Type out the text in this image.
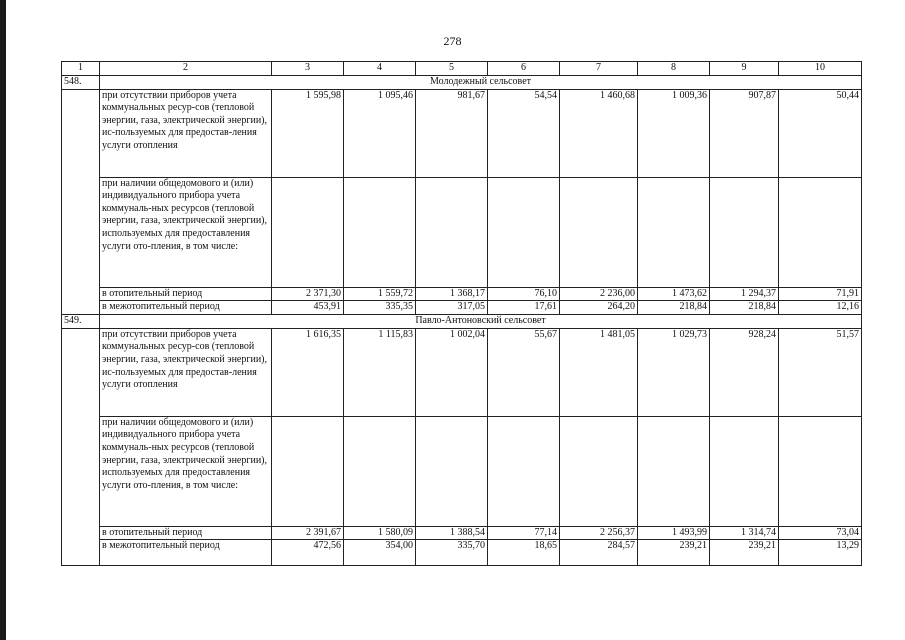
278
1	2	3	4	5	6	7	8	9	10
548.	Молодежный сельсовет								
	при отсутствии приборов учета коммунальных ресур-сов (тепловой энергии, газа, электрической энергии), ис-пользуемых для предостав-ления услуги отопления	1 595,98	1 095,46	981,67	54,54	1 460,68	1 009,36	907,87	50,44
	при наличии общедомового и (или) индивидуального прибора учета коммуналь-ных ресурсов (тепловой энергии, газа, электрической энергии), используемых для предоставления услуги ото-пления, в том числе:								
	в отопительный период	2 371,30	1 559,72	1 368,17	76,10	2 236,00	1 473,62	1 294,37	71,91
	в межотопительный период	453,91	335,35	317,05	17,61	264,20	218,84	218,84	12,16
549.	Павло-Антоновский сельсовет								
	при отсутствии приборов учета коммунальных ресур-сов (тепловой энергии, газа, электрической энергии), ис-пользуемых для предостав-ления услуги отопления	1 616,35	1 115,83	1 002,04	55,67	1 481,05	1 029,73	928,24	51,57
	при наличии общедомового и (или) индивидуального прибора учета коммуналь-ных ресурсов (тепловой энергии, газа, электрической энергии), используемых для предоставления услуги ото-пления, в том числе:								
	в отопительный период	2 391,67	1 580,09	1 388,54	77,14	2 256,37	1 493,99	1 314,74	73,04
	в межотопительный период	472,56	354,00	335,70	18,65	284,57	239,21	239,21	13,29
